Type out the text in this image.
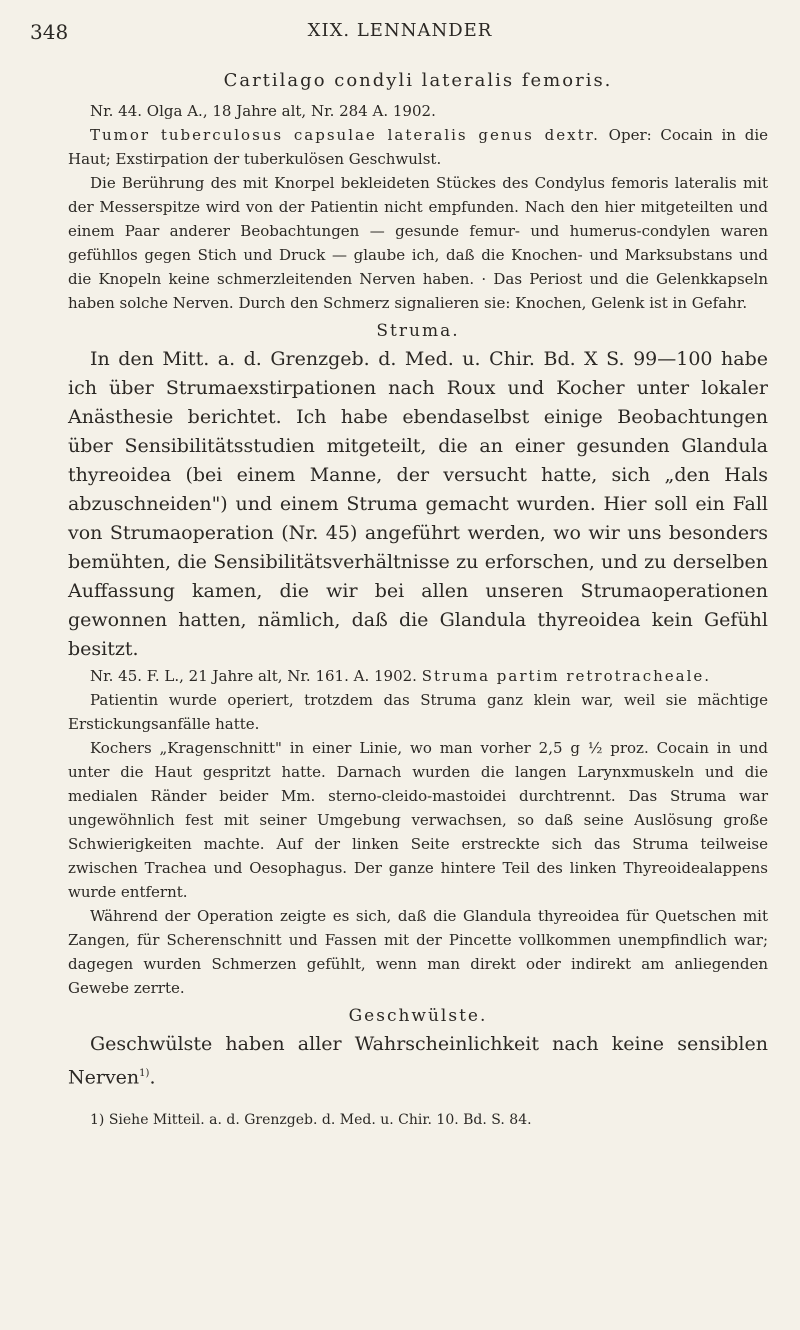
348	XIX. LENNANDER
Cartilago condyli lateralis femoris.

Nr. 44. Olga A., 18 Jahre alt, Nr. 284 A. 1902.

Tumor tuberculosus capsulae lateralis genus dextr. Oper: Cocain in die Haut; Exstirpation der tuberkulösen Geschwulst.

Die Berührung des mit Knorpel bekleideten Stückes des Condylus femoris lateralis mit der Messerspitze wird von der Patientin nicht empfunden. Nach den hier mitgeteilten und einem Paar anderer Beobachtungen — gesunde femur- und humerus-condylen waren gefühllos gegen Stich und Druck — glaube ich, daß die Knochen- und Marksubstans und die Knopeln keine schmerzleitenden Nerven haben. · Das Periost und die Gelenkkapseln haben solche Nerven. Durch den Schmerz signalieren sie: Knochen, Gelenk ist in Gefahr.

Struma.

In den Mitt. a. d. Grenzgeb. d. Med. u. Chir. Bd. X S. 99—100 habe ich über Strumaexstirpationen nach Roux und Kocher unter lokaler Anästhesie berichtet. Ich habe ebendaselbst einige Beobachtungen über Sensibilitätsstudien mitgeteilt, die an einer gesunden Glandula thyreoidea (bei einem Manne, der versucht hatte, sich „den Hals abzuschneiden") und einem Struma gemacht wurden. Hier soll ein Fall von Strumaoperation (Nr. 45) angeführt werden, wo wir uns besonders bemühten, die Sensibilitätsverhältnisse zu erforschen, und zu derselben Auffassung kamen, die wir bei allen unseren Strumaoperationen gewonnen hatten, nämlich, daß die Glandula thyreoidea kein Gefühl besitzt.

Nr. 45. F. L., 21 Jahre alt, Nr. 161. A. 1902. Struma partim retrotracheale.

Patientin wurde operiert, trotzdem das Struma ganz klein war, weil sie mächtige Erstickungsanfälle hatte.

Kochers „Kragenschnitt" in einer Linie, wo man vorher 2,5 g ½ proz. Cocain in und unter die Haut gespritzt hatte. Darnach wurden die langen Larynxmuskeln und die medialen Ränder beider Mm. sterno-cleido-mastoidei durchtrennt. Das Struma war ungewöhnlich fest mit seiner Umgebung verwachsen, so daß seine Auslösung große Schwierigkeiten machte. Auf der linken Seite erstreckte sich das Struma teilweise zwischen Trachea und Oesophagus. Der ganze hintere Teil des linken Thyreoidealappens wurde entfernt.

Während der Operation zeigte es sich, daß die Glandula thyreoidea für Quetschen mit Zangen, für Scherenschnitt und Fassen mit der Pincette vollkommen unempfindlich war; dagegen wurden Schmerzen gefühlt, wenn man direkt oder indirekt am anliegenden Gewebe zerrte.

Geschwülste.

Geschwülste haben aller Wahrscheinlichkeit nach keine sensiblen Nerven$^{1)}$.

1) Siehe Mitteil. a. d. Grenzgeb. d. Med. u. Chir. 10. Bd. S. 84.
